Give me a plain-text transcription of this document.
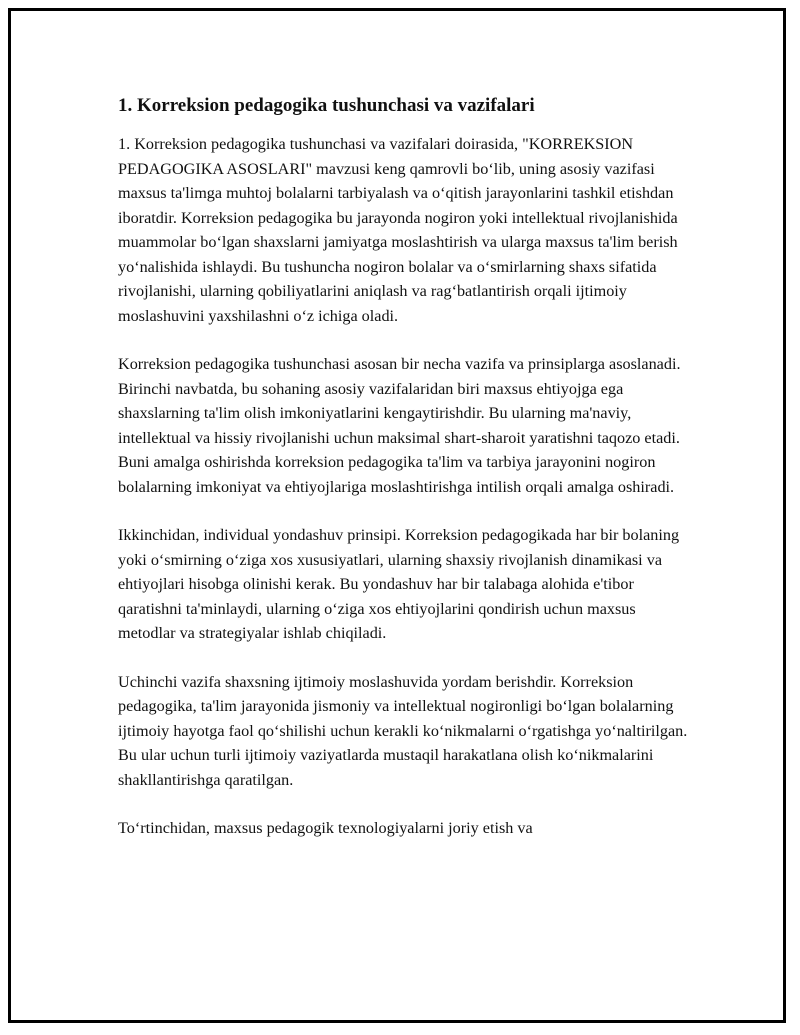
1. Korreksion pedagogika tushunchasi va vazifalari

1. Korreksion pedagogika tushunchasi va vazifalari doirasida, "KORREKSION PEDAGOGIKA ASOSLARI" mavzusi keng qamrovli bo‘lib, uning asosiy vazifasi maxsus ta'limga muhtoj bolalarni tarbiyalash va o‘qitish jarayonlarini tashkil etishdan iboratdir. Korreksion pedagogika bu jarayonda nogiron yoki intellektual rivojlanishida muammolar bo‘lgan shaxslarni jamiyatga moslashtirish va ularga maxsus ta'lim berish yo‘nalishida ishlaydi. Bu tushuncha nogiron bolalar va o‘smirlarning shaxs sifatida rivojlanishi, ularning qobiliyatlarini aniqlash va rag‘batlantirish orqali ijtimoiy moslashuvini yaxshilashni o‘z ichiga oladi.

Korreksion pedagogika tushunchasi asosan bir necha vazifa va prinsiplarga asoslanadi. Birinchi navbatda, bu sohaning asosiy vazifalaridan biri maxsus ehtiyojga ega shaxslarning ta'lim olish imkoniyatlarini kengaytirishdir. Bu ularning ma'naviy, intellektual va hissiy rivojlanishi uchun maksimal shart-sharoit yaratishni taqozo etadi. Buni amalga oshirishda korreksion pedagogika ta'lim va tarbiya jarayonini nogiron bolalarning imkoniyat va ehtiyojlariga moslashtirishga intilish orqali amalga oshiradi.

Ikkinchidan, individual yondashuv prinsipi. Korreksion pedagogikada har bir bolaning yoki o‘smirning o‘ziga xos xususiyatlari, ularning shaxsiy rivojlanish dinamikasi va ehtiyojlari hisobga olinishi kerak. Bu yondashuv har bir talabaga alohida e'tibor qaratishni ta'minlaydi, ularning o‘ziga xos ehtiyojlarini qondirish uchun maxsus metodlar va strategiyalar ishlab chiqiladi.

Uchinchi vazifa shaxsning ijtimoiy moslashuvida yordam berishdir. Korreksion pedagogika, ta'lim jarayonida jismoniy va intellektual nogironligi bo‘lgan bolalarning ijtimoiy hayotga faol qo‘shilishi uchun kerakli ko‘nikmalarni o‘rgatishga yo‘naltirilgan. Bu ular uchun turli ijtimoiy vaziyatlarda mustaqil harakatlana olish ko‘nikmalarini shakllantirishga qaratilgan.

To‘rtinchidan, maxsus pedagogik texnologiyalarni joriy etish va
